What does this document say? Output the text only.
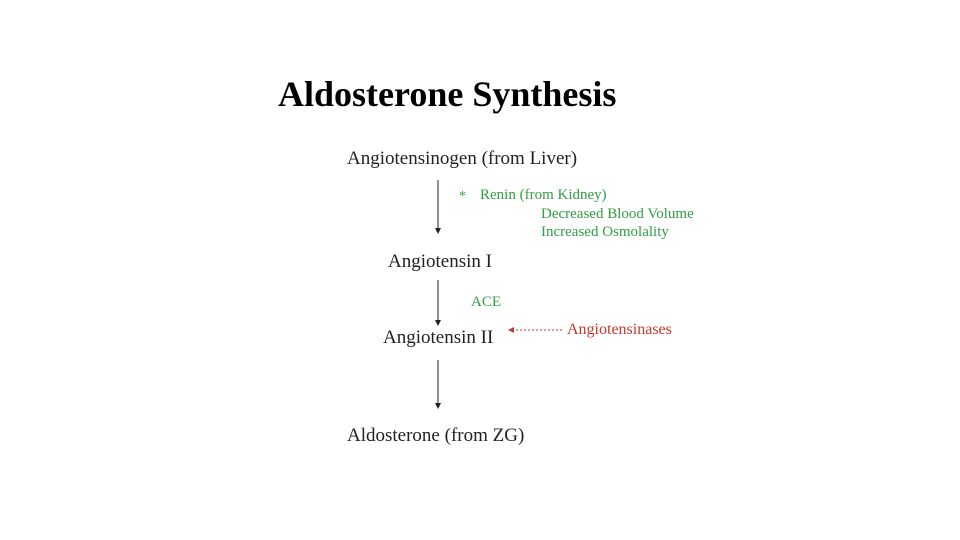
Aldosterone Synthesis
Angiotensinogen (from Liver)
Angiotensin I
Angiotensin II
Aldosterone (from ZG)
* Renin (from Kidney)
Decreased Blood Volume
Increased Osmolality
ACE
Angiotensinases
